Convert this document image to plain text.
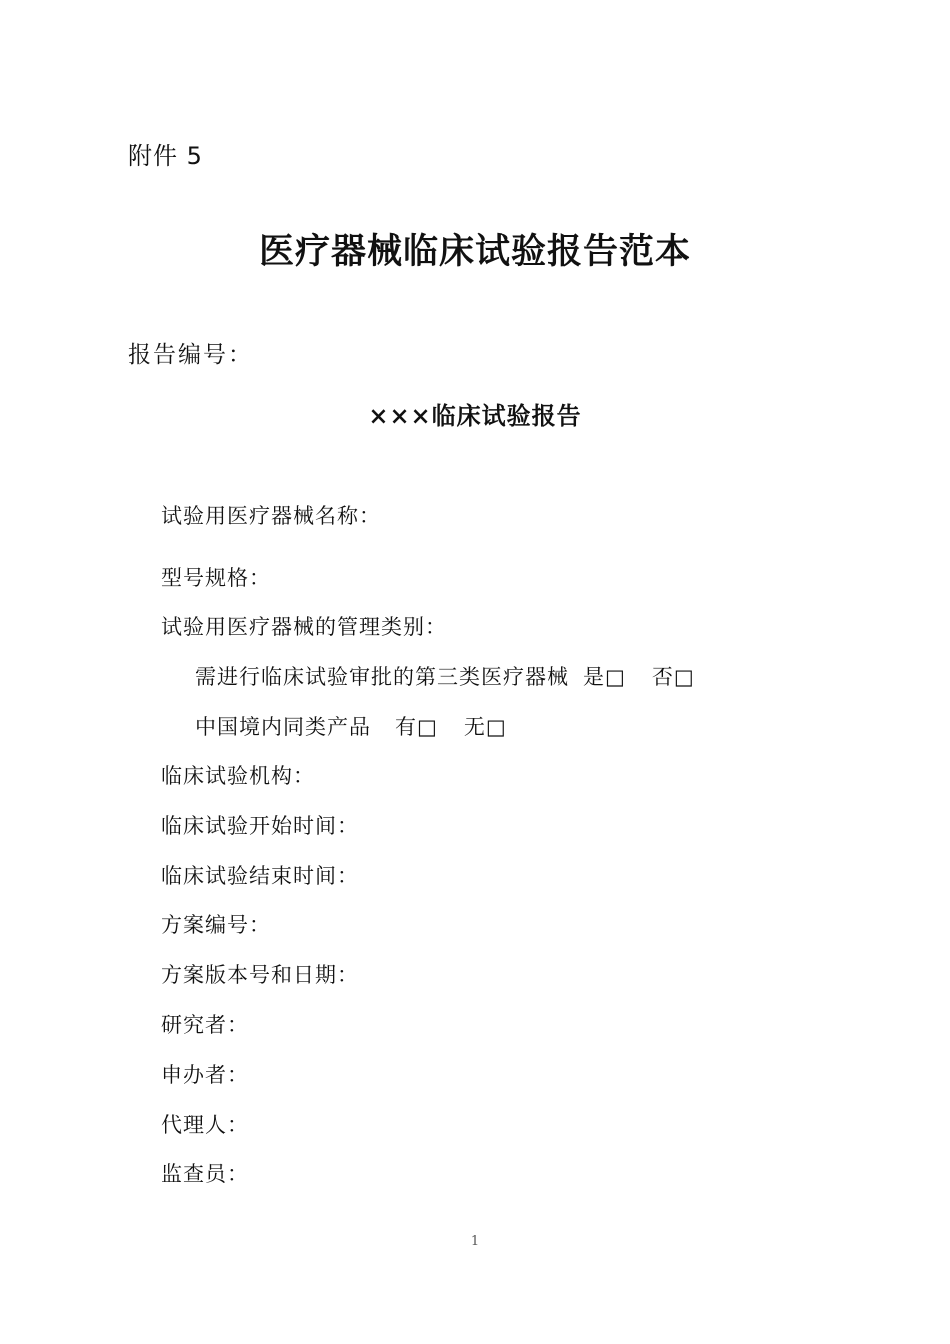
附件 5
医疗器械临床试验报告范本
报告编号：
×××临床试验报告
试验用医疗器械名称：
型号规格：
试验用医疗器械的管理类别：
需进行临床试验审批的第三类医疗器械 是□ 否□
中国境内同类产品 有□ 无□
临床试验机构：
临床试验开始时间：
临床试验结束时间：
方案编号：
方案版本号和日期：
研究者：
申办者：
代理人：
监查员：
1
